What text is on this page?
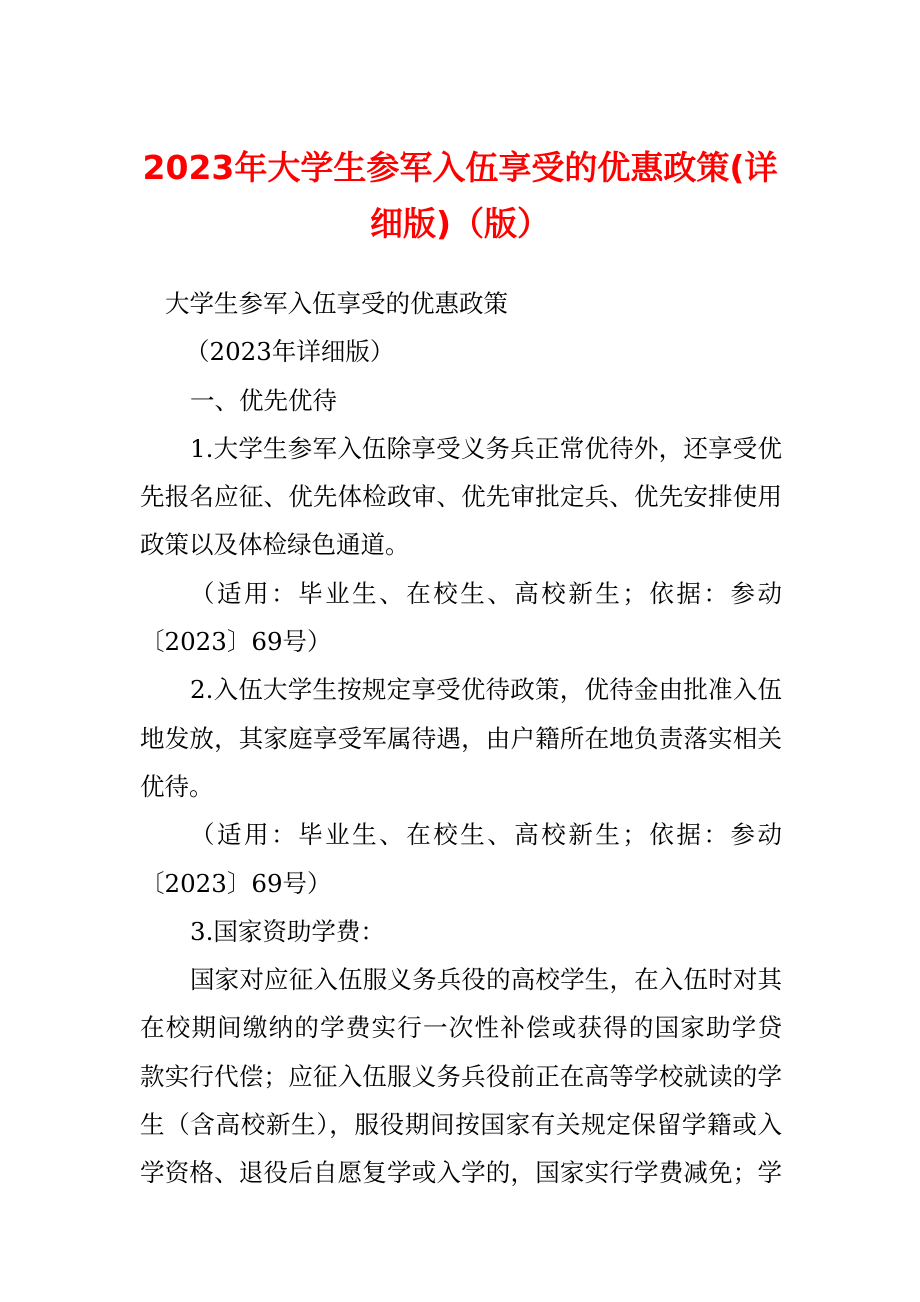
2023年大学生参军入伍享受的优惠政策(详
细版)（版）
大学生参军入伍享受的优惠政策
（2023年详细版）
一、优先优待
1.大学生参军入伍除享受义务兵正常优待外，还享受优
先报名应征、优先体检政审、优先审批定兵、优先安排使用
政策以及体检绿色通道。
（适用：毕业生、在校生、高校新生；依据：参动
〔2023〕69号）
2.入伍大学生按规定享受优待政策，优待金由批准入伍
地发放，其家庭享受军属待遇，由户籍所在地负责落实相关
优待。
（适用：毕业生、在校生、高校新生；依据：参动
〔2023〕69号）
3.国家资助学费：
国家对应征入伍服义务兵役的高校学生，在入伍时对其
在校期间缴纳的学费实行一次性补偿或获得的国家助学贷
款实行代偿；应征入伍服义务兵役前正在高等学校就读的学
生（含高校新生），服役期间按国家有关规定保留学籍或入
学资格、退役后自愿复学或入学的，国家实行学费减免；学
